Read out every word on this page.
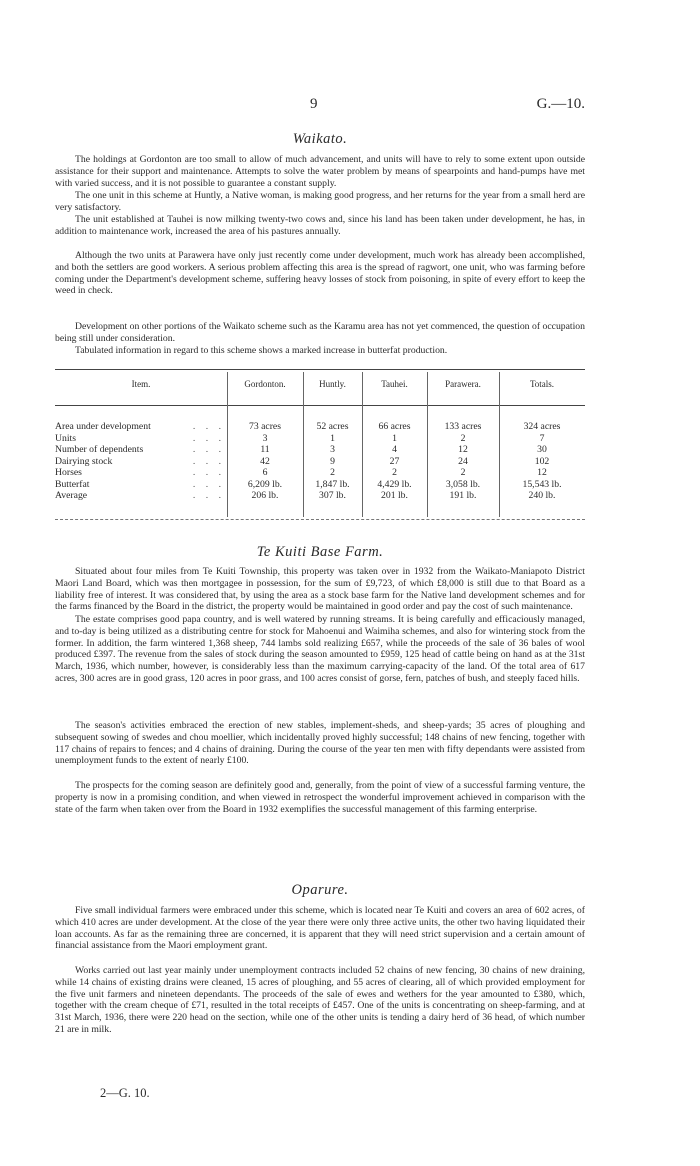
9	G.—10.
Waikato.

The holdings at Gordonton are too small to allow of much advancement, and units will have to rely to some extent upon outside assistance for their support and maintenance. Attempts to solve the water problem by means of spearpoints and hand-pumps have met with varied success, and it is not possible to guarantee a constant supply.

The one unit in this scheme at Huntly, a Native woman, is making good progress, and her returns for the year from a small herd are very satisfactory.

The unit established at Tauhei is now milking twenty-two cows and, since his land has been taken under development, he has, in addition to maintenance work, increased the area of his pastures annually.

Although the two units at Parawera have only just recently come under development, much work has already been accomplished, and both the settlers are good workers. A serious problem affecting this area is the spread of ragwort, one unit, who was farming before coming under the Department's development scheme, suffering heavy losses of stock from poisoning, in spite of every effort to keep the weed in check.

Development on other portions of the Waikato scheme such as the Karamu area has not yet commenced, the question of occupation being still under consideration.

Tabulated information in regard to this scheme shows a marked increase in butterfat production.

Item.	Gordonton.	Huntly.	Tauhei.	Parawera.	Totals.
Area under development	73 acres	52 acres	66 acres	133 acres	324 acres
. . .
Units	3	1	1	2	7
. . .
Number of dependents	11	3	4	12	30
. . .
Dairying stock	42	9	27	24	102
. . .
Horses	6	2	2	2	12
. . .
Butterfat	6,209 lb.	1,847 lb.	4,429 lb.	3,058 lb.	15,543 lb.
. . .
Average	206 lb.	307 lb.	201 lb.	191 lb.	240 lb.
. . .
Te Kuiti Base Farm.

Situated about four miles from Te Kuiti Township, this property was taken over in 1932 from the Waikato-Maniapoto District Maori Land Board, which was then mortgagee in possession, for the sum of £9,723, of which £8,000 is still due to that Board as a liability free of interest. It was considered that, by using the area as a stock base farm for the Native land development schemes and for the farms financed by the Board in the district, the property would be maintained in good order and pay the cost of such maintenance.

The estate comprises good papa country, and is well watered by running streams. It is being carefully and efficaciously managed, and to-day is being utilized as a distributing centre for stock for Mahoenui and Waimiha schemes, and also for wintering stock from the former. In addition, the farm wintered 1,368 sheep, 744 lambs sold realizing £657, while the proceeds of the sale of 36 bales of wool produced £397. The revenue from the sales of stock during the season amounted to £959, 125 head of cattle being on hand as at the 31st March, 1936, which number, however, is considerably less than the maximum carrying-capacity of the land. Of the total area of 617 acres, 300 acres are in good grass, 120 acres in poor grass, and 100 acres consist of gorse, fern, patches of bush, and steeply faced hills.

The season's activities embraced the erection of new stables, implement-sheds, and sheep-yards; 35 acres of ploughing and subsequent sowing of swedes and chou moellier, which incidentally proved highly successful; 148 chains of new fencing, together with 117 chains of repairs to fences; and 4 chains of draining. During the course of the year ten men with fifty dependants were assisted from unemployment funds to the extent of nearly £100.

The prospects for the coming season are definitely good and, generally, from the point of view of a successful farming venture, the property is now in a promising condition, and when viewed in retrospect the wonderful improvement achieved in comparison with the state of the farm when taken over from the Board in 1932 exemplifies the successful management of this farming enterprise.

Oparure.

Five small individual farmers were embraced under this scheme, which is located near Te Kuiti and covers an area of 602 acres, of which 410 acres are under development. At the close of the year there were only three active units, the other two having liquidated their loan accounts. As far as the remaining three are concerned, it is apparent that they will need strict supervision and a certain amount of financial assistance from the Maori employment grant.

Works carried out last year mainly under unemployment contracts included 52 chains of new fencing, 30 chains of new draining, while 14 chains of existing drains were cleaned, 15 acres of ploughing, and 55 acres of clearing, all of which provided employment for the five unit farmers and nineteen dependants. The proceeds of the sale of ewes and wethers for the year amounted to £380, which, together with the cream cheque of £71, resulted in the total receipts of £457. One of the units is concentrating on sheep-farming, and at 31st March, 1936, there were 220 head on the section, while one of the other units is tending a dairy herd of 36 head, of which number 21 are in milk.

2—G. 10.
